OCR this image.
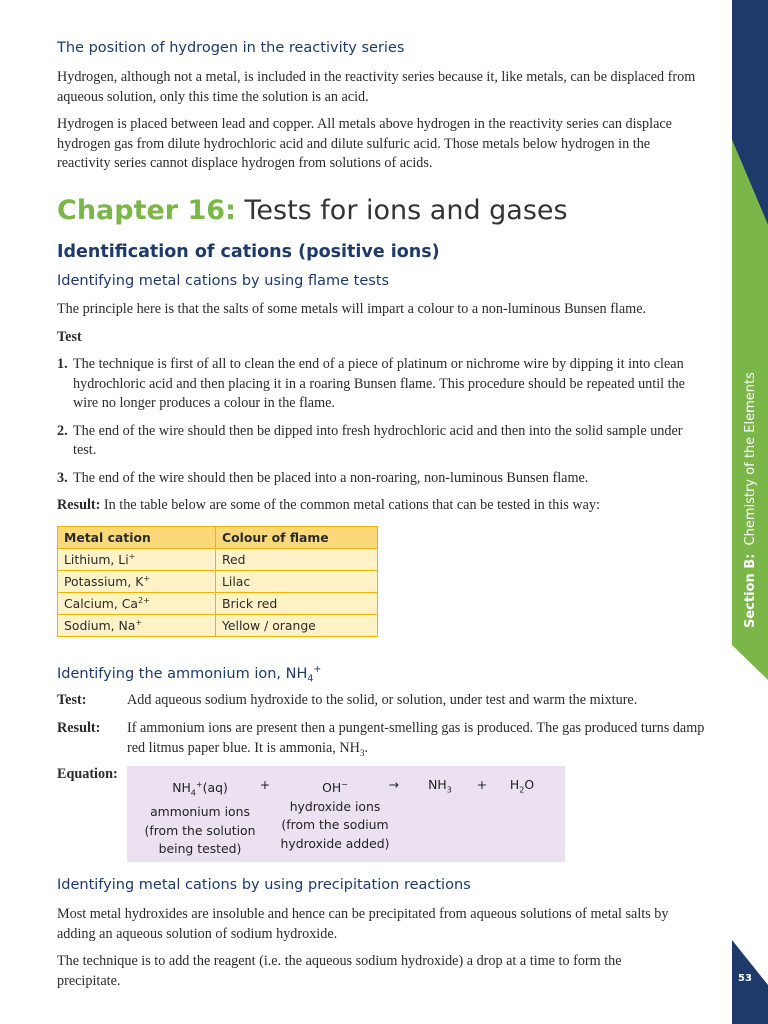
The position of hydrogen in the reactivity series

Hydrogen, although not a metal, is included in the reactivity series because it, like metals, can be displaced from aqueous solution, only this time the solution is an acid.

Hydrogen is placed between lead and copper. All metals above hydrogen in the reactivity series can displace hydrogen gas from dilute hydrochloric acid and dilute sulfuric acid. Those metals below hydrogen in the reactivity series cannot displace hydrogen from solutions of acids.

Chapter 16: Tests for ions and gases
Identification of cations (positive ions)
Identifying metal cations by using flame tests

The principle here is that the salts of some metals will impart a colour to a non-luminous Bunsen flame.

Test
1. The technique is first of all to clean the end of a piece of platinum or nichrome wire by dipping it into clean hydrochloric acid and then placing it in a roaring Bunsen flame. This procedure should be repeated until the wire no longer produces a colour in the flame.
2. The end of the wire should then be dipped into fresh hydrochloric acid and then into the solid sample under test.
3. The end of the wire should then be placed into a non-roaring, non-luminous Bunsen flame.

Result: In the table below are some of the common metal cations that can be tested in this way:

Metal cation	Colour of flame
Lithium, Li+	Red
Potassium, K+	Lilac
Calcium, $Ca^{2+}$	Brick red
Sodium, Na+	Yellow / orange
Identifying the ammonium ion, $NH_4^+$
Test:	Add aqueous sodium hydroxide to the solid, or solution, under test and warm the mixture.

Result: If ammonium ions are present then a pungent-smelling gas is produced. The gas produced turns damp red litmus paper blue. It is ammonia, $NH_3$.

Equation:
$NH_4^+(aq)$
ammonium ions
(from the solution
being tested)
+	OH−
hydroxide ions
(from the sodium
hydroxide added)
→	$NH_3$	+	$H_2O$
Identifying metal cations by using precipitation reactions

Most metal hydroxides are insoluble and hence can be precipitated from aqueous solutions of metal salts by adding an aqueous solution of sodium hydroxide.

The technique is to add the reagent (i.e. the aqueous sodium hydroxide) a drop at a time to form the precipitate.

Section B: Chemistry of the Elements
53
